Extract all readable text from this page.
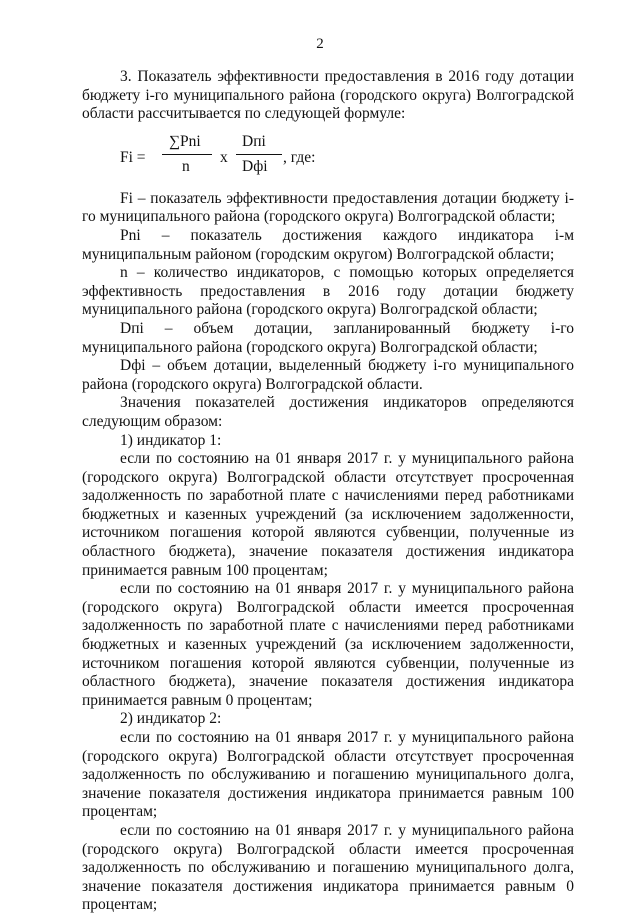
2

3. Показатель эффективности предоставления в 2016 году дотации бюджету i-го муниципального района (городского округа) Волгоградской области рассчитывается по следующей формуле:

Fi =
∑Pni
n
x
Dпi
Dфi
, где:

Fi – показатель эффективности предоставления дотации бюджету i-го муниципального района (городского округа) Волгоградской области;

Pni – показатель достижения каждого индикатора i-м муниципальным районом (городским округом) Волгоградской области;

n – количество индикаторов, с помощью которых определяется эффективность предоставления в 2016 году дотации бюджету муниципального района (городского округа) Волгоградской области;

Dпi – объем дотации, запланированный бюджету i-го муниципального района (городского округа) Волгоградской области;

Dфi – объем дотации, выделенный бюджету i-го муниципального района (городского округа) Волгоградской области.

Значения показателей достижения индикаторов определяются следующим образом:

1) индикатор 1:

если по состоянию на 01 января 2017 г. у муниципального района (городского округа) Волгоградской области отсутствует просроченная задолженность по заработной плате с начислениями перед работниками бюджетных и казенных учреждений (за исключением задолженности, источником погашения которой являются субвенции, полученные из областного бюджета), значение показателя достижения индикатора принимается равным 100 процентам;

если по состоянию на 01 января 2017 г. у муниципального района (городского округа) Волгоградской области имеется просроченная задолженность по заработной плате с начислениями перед работниками бюджетных и казенных учреждений (за исключением задолженности, источником погашения которой являются субвенции, полученные из областного бюджета), значение показателя достижения индикатора принимается равным 0 процентам;

2) индикатор 2:

если по состоянию на 01 января 2017 г. у муниципального района (городского округа) Волгоградской области отсутствует просроченная задолженность по обслуживанию и погашению муниципального долга, значение показателя достижения индикатора принимается равным 100 процентам;

если по состоянию на 01 января 2017 г. у муниципального района (городского округа) Волгоградской области имеется просроченная задолженность по обслуживанию и погашению муниципального долга, значение показателя достижения индикатора принимается равным 0 процентам;
